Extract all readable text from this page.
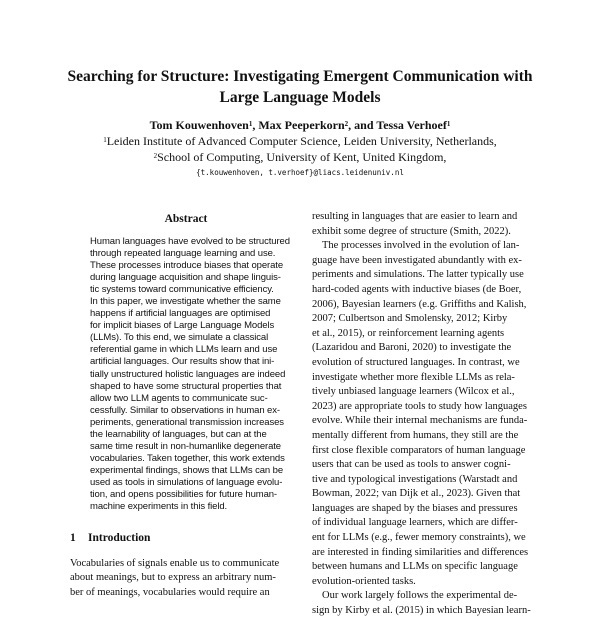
Searching for Structure: Investigating Emergent Communication with
Large Language Models
Tom Kouwenhoven$^1$, Max Peeperkorn$^2$, and Tessa Verhoef$^1$
$^1$Leiden Institute of Advanced Computer Science, Leiden University, Netherlands,
$^2$School of Computing, University of Kent, United Kingdom,
{t.kouwenhoven, t.verhoef}@liacs.leidenuniv.nl
Abstract
Human languages have evolved to be structured
through repeated language learning and use.
These processes introduce biases that operate
during language acquisition and shape linguis-
tic systems toward communicative efficiency.
In this paper, we investigate whether the same
happens if artificial languages are optimised
for implicit biases of Large Language Models
(LLMs). To this end, we simulate a classical
referential game in which LLMs learn and use
artificial languages. Our results show that ini-
tially unstructured holistic languages are indeed
shaped to have some structural properties that
allow two LLM agents to communicate suc-
cessfully. Similar to observations in human ex-
periments, generational transmission increases
the learnability of languages, but can at the
same time result in non-humanlike degenerate
vocabularies. Taken together, this work extends
experimental findings, shows that LLMs can be
used as tools in simulations of language evolu-
tion, and opens possibilities for future human-
machine experiments in this field.
1 Introduction
Vocabularies of signals enable us to communicate
about meanings, but to express an arbitrary num-
ber of meanings, vocabularies would require an
resulting in languages that are easier to learn and
exhibit some degree of structure (Smith, 2022).
The processes involved in the evolution of lan-
guage have been investigated abundantly with ex-
periments and simulations. The latter typically use
hard-coded agents with inductive biases (de Boer,
2006), Bayesian learners (e.g. Griffiths and Kalish,
2007; Culbertson and Smolensky, 2012; Kirby
et al., 2015), or reinforcement learning agents
(Lazaridou and Baroni, 2020) to investigate the
evolution of structured languages. In contrast, we
investigate whether more flexible LLMs as rela-
tively unbiased language learners (Wilcox et al.,
2023) are appropriate tools to study how languages
evolve. While their internal mechanisms are funda-
mentally different from humans, they still are the
first close flexible comparators of human language
users that can be used as tools to answer cogni-
tive and typological investigations (Warstadt and
Bowman, 2022; van Dijk et al., 2023). Given that
languages are shaped by the biases and pressures
of individual language learners, which are differ-
ent for LLMs (e.g., fewer memory constraints), we
are interested in finding similarities and differences
between humans and LLMs on specific language
evolution-oriented tasks.
Our work largely follows the experimental de-
sign by Kirby et al. (2015) in which Bayesian learn-
